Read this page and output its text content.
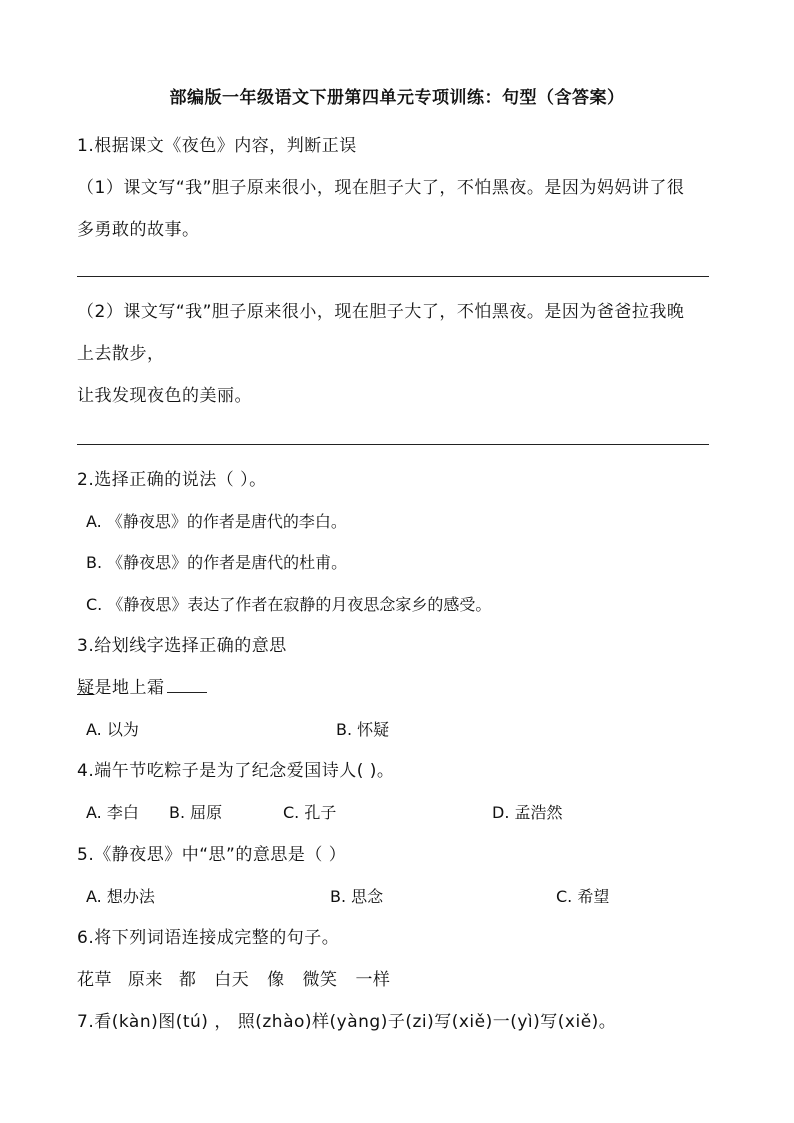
部编版一年级语文下册第四单元专项训练：句型（含答案）
1.根据课文《夜色》内容，判断正误
（1）课文写“我”胆子原来很小，现在胆子大了，不怕黑夜。是因为妈妈讲了很
多勇敢的故事。
（2）课文写“我”胆子原来很小，现在胆子大了，不怕黑夜。是因为爸爸拉我晚
上去散步，
让我发现夜色的美丽。
2.选择正确的说法（ ）。
A. 《静夜思》的作者是唐代的李白。
B. 《静夜思》的作者是唐代的杜甫。
C. 《静夜思》表达了作者在寂静的月夜思念家乡的感受。
3.给划线字选择正确的意思
疑是地上霜
A. 以为	B. 怀疑
4.端午节吃粽子是为了纪念爱国诗人( )。
A. 李白 B. 屈原	C. 孔子	D. 孟浩然
5.《静夜思》中“思”的意思是（ ）
A. 想办法	B. 思念	C. 希望
6.将下列词语连接成完整的句子。
花草 原来 都 白天 像 微笑 一样
7.看(kàn)图(tú) ， 照(zhào)样(yàng)子(zi)写(xiě)一(yì)写(xiě)。
